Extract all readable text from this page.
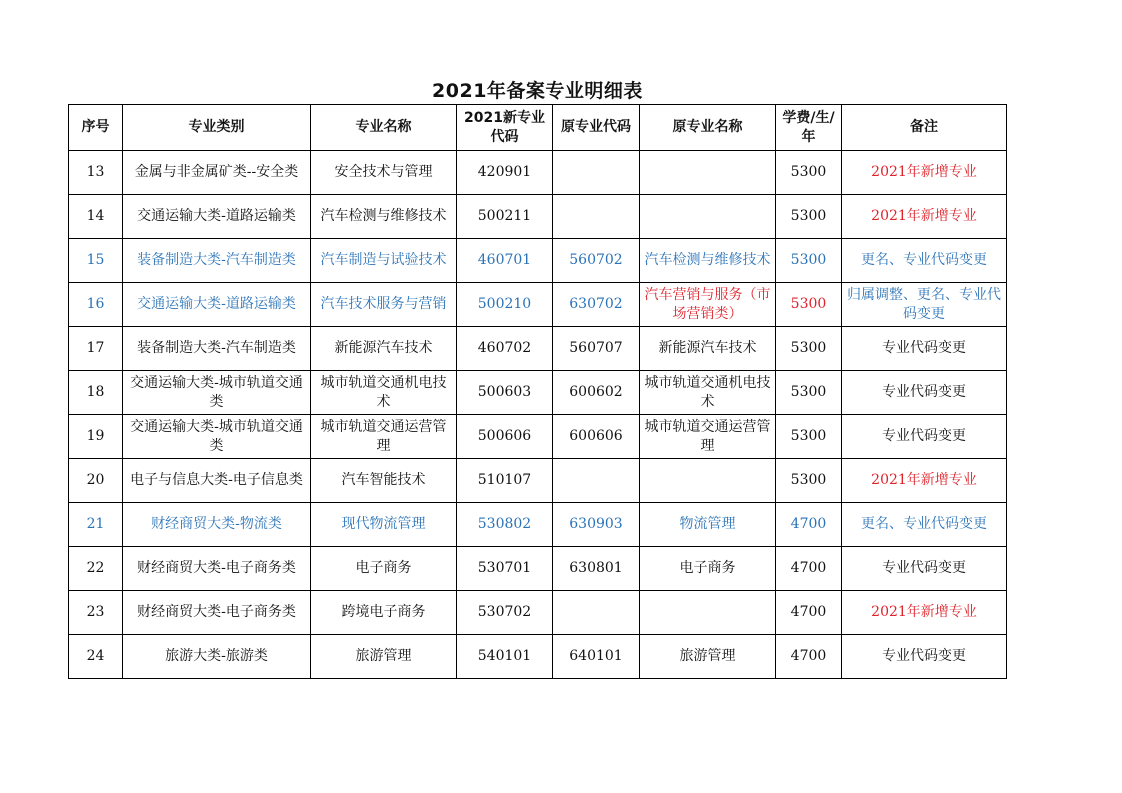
2021年备案专业明细表
序号	专业类别	专业名称	2021新专业代码	原专业代码	原专业名称	学费/生/年	备注
13	金属与非金属矿类--安全类	安全技术与管理	420901			5300	2021年新增专业
14	交通运输大类-道路运输类	汽车检测与维修技术	500211			5300	2021年新增专业
15	装备制造大类-汽车制造类	汽车制造与试验技术	460701	560702	汽车检测与维修技术	5300	更名、专业代码变更
16	交通运输大类-道路运输类	汽车技术服务与营销	500210	630702	汽车营销与服务（市场营销类）	5300	归属调整、更名、专业代码变更
17	装备制造大类-汽车制造类	新能源汽车技术	460702	560707	新能源汽车技术	5300	专业代码变更
18	交通运输大类-城市轨道交通类	城市轨道交通机电技术	500603	600602	城市轨道交通机电技术	5300	专业代码变更
19	交通运输大类-城市轨道交通类	城市轨道交通运营管理	500606	600606	城市轨道交通运营管理	5300	专业代码变更
20	电子与信息大类-电子信息类	汽车智能技术	510107			5300	2021年新增专业
21	财经商贸大类-物流类	现代物流管理	530802	630903	物流管理	4700	更名、专业代码变更
22	财经商贸大类-电子商务类	电子商务	530701	630801	电子商务	4700	专业代码变更
23	财经商贸大类-电子商务类	跨境电子商务	530702			4700	2021年新增专业
24	旅游大类-旅游类	旅游管理	540101	640101	旅游管理	4700	专业代码变更
